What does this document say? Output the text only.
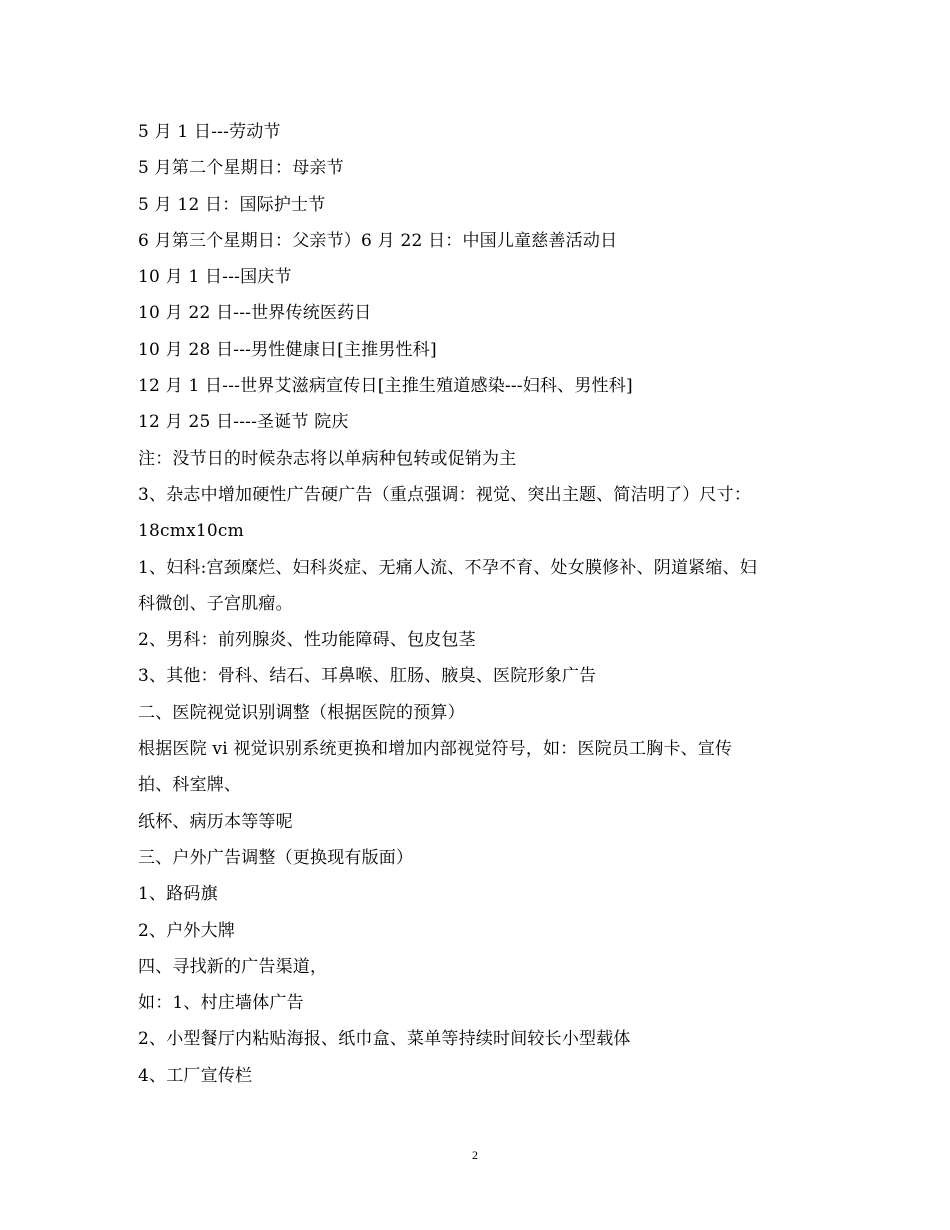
5 月 1 日---劳动节
5 月第二个星期日：母亲节
5 月 12 日：国际护士节
6 月第三个星期日：父亲节）6 月 22 日：中国儿童慈善活动日
10 月 1 日---国庆节
10 月 22 日---世界传统医药日
10 月 28 日---男性健康日[主推男性科]
12 月 1 日---世界艾滋病宣传日[主推生殖道感染---妇科、男性科]
12 月 25 日----圣诞节 院庆
注：没节日的时候杂志将以单病种包转或促销为主
3、杂志中增加硬性广告硬广告（重点强调：视觉、突出主题、简洁明了）尺寸：
18cmx10cm
1、妇科:宫颈糜烂、妇科炎症、无痛人流、不孕不育、处女膜修补、阴道紧缩、妇
科微创、子宫肌瘤。
2、男科：前列腺炎、性功能障碍、包皮包茎
3、其他：骨科、结石、耳鼻喉、肛肠、腋臭、医院形象广告
二、医院视觉识别调整（根据医院的预算）
根据医院 vi 视觉识别系统更换和增加内部视觉符号，如：医院员工胸卡、宣传
拍、科室牌、
纸杯、病历本等等呢
三、户外广告调整（更换现有版面）
1、路码旗
2、户外大牌
四、寻找新的广告渠道，
如：1、村庄墙体广告
2、小型餐厅内粘贴海报、纸巾盒、菜单等持续时间较长小型载体
4、工厂宣传栏
2
